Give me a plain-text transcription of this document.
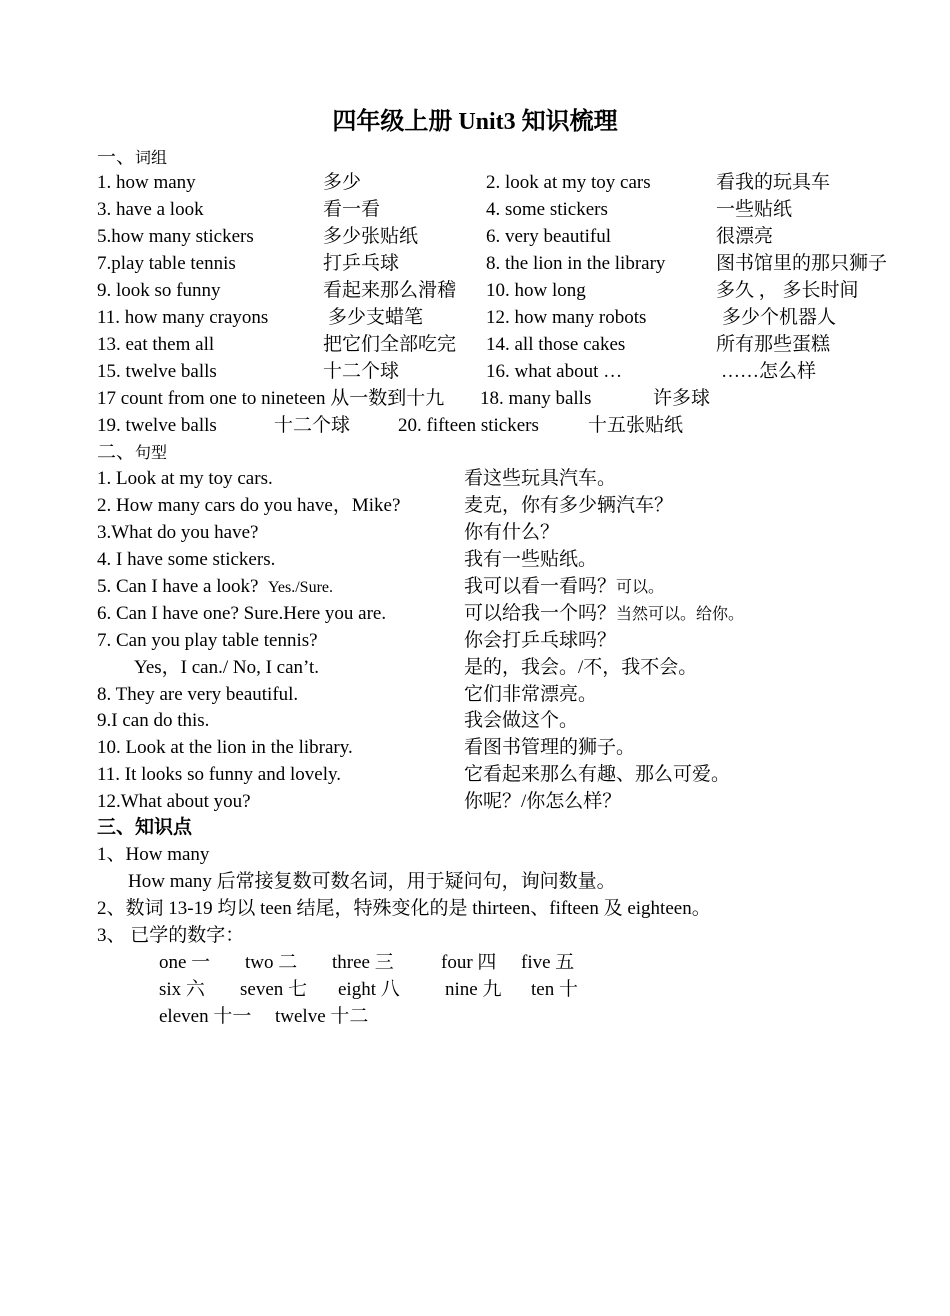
四年级上册 Unit3 知识梳理
一、词组
1. how many	多少	2. look at my toy cars	看我的玩具车
3. have a look	看一看	4. some stickers	一些贴纸
5.how many stickers	多少张贴纸	6. very beautiful	很漂亮
7.play table tennis	打乒乓球	8. the lion in the library	图书馆里的那只狮子
9. look so funny	看起来那么滑稽 10. how long	多久 ， 多长时间
11. how many crayons	多少支蜡笔	12. how many robots	多少个机器人
13. eat them all	把它们全部吃完 14. all those cakes	所有那些蛋糕
15. twelve balls	十二个球	16. what about …	……怎么样
17 count from one to nineteen 从一数到十九 18. many balls	许多球
19. twelve balls	十二个球	20. fifteen stickers	十五张贴纸
二、句型
1. Look at my toy cars.	看这些玩具汽车。
2. How many cars do you have，Mike?	麦克，你有多少辆汽车？
3.What do you have?	你有什么？
4. I have some stickers.	我有一些贴纸。
5. Can I have a look? Yes./Sure.	我可以看一看吗？可以。
6. Can I have one? Sure.Here you are.	可以给我一个吗？当然可以。给你。
7. Can you play table tennis?	你会打乒乓球吗？
Yes，I can./ No, I can’t.	是的，我会。/不，我不会。
8. They are very beautiful.	它们非常漂亮。
9.I can do this.	我会做这个。
10. Look at the lion in the library.	看图书管理的狮子。
11. It looks so funny and lovely.	它看起来那么有趣、那么可爱。
12.What about you?	你呢？/你怎么样？
三、知识点
1、How many
How many 后常接复数可数名词，用于疑问句，询问数量。
2、数词 13-19 均以 teen 结尾，特殊变化的是 thirteen、fifteen 及 eighteen。
3、 已学的数字：
one 一 two 二 three 三 four 四 five 五
six 六 seven 七 eight 八 nine 九 ten 十
eleven 十一 twelve 十二
